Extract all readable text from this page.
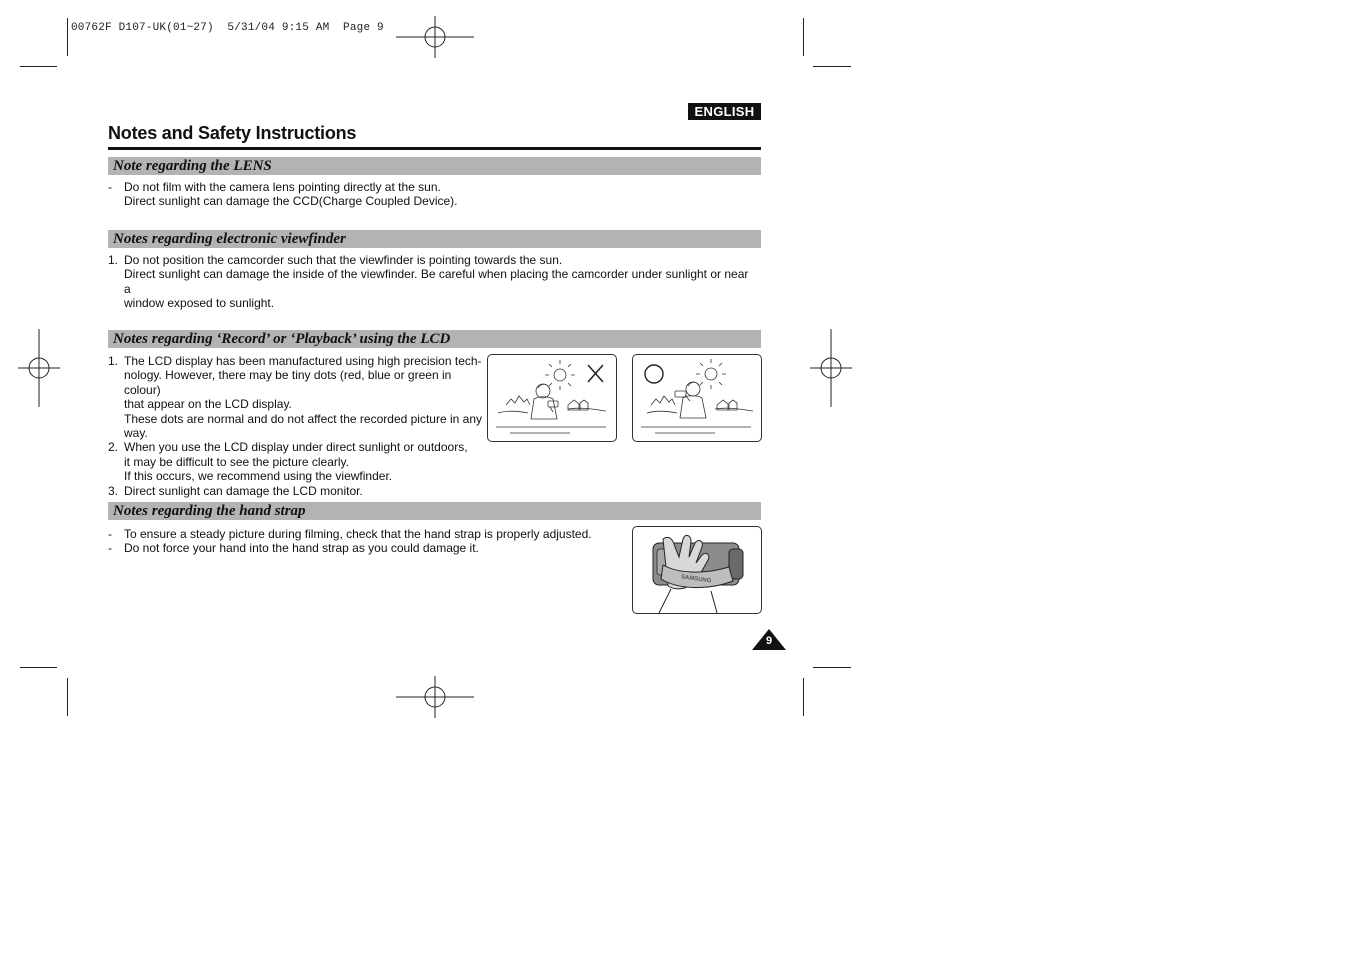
00762F D107-UK(01~27)  5/31/04 9:15 AM  Page 9
ENGLISH
Notes and Safety Instructions
Note regarding the LENS
- Do not film with the camera lens pointing directly at the sun.
Direct sunlight can damage the CCD(Charge Coupled Device).
Notes regarding electronic viewfinder
1. Do not position the camcorder such that the viewfinder is pointing towards the sun.
Direct sunlight can damage the inside of the viewfinder. Be careful when placing the camcorder under sunlight or near a
window exposed to sunlight.
Notes regarding ‘Record’ or ‘Playback’ using the LCD
1. The LCD display has been manufactured using high precision tech-
nology. However, there may be tiny dots (red, blue or green in colour)
that appear on the LCD display.
These dots are normal and do not affect the recorded picture in any
way.
2. When you use the LCD display under direct sunlight or outdoors,
it may be difficult to see the picture clearly.
If this occurs, we recommend using the viewfinder.
3. Direct sunlight can damage the LCD monitor.
Notes regarding the hand strap
- To ensure a steady picture during filming, check that the hand strap is properly adjusted.
- Do not force your hand into the hand strap as you could damage it.
SAMSUNG
9
